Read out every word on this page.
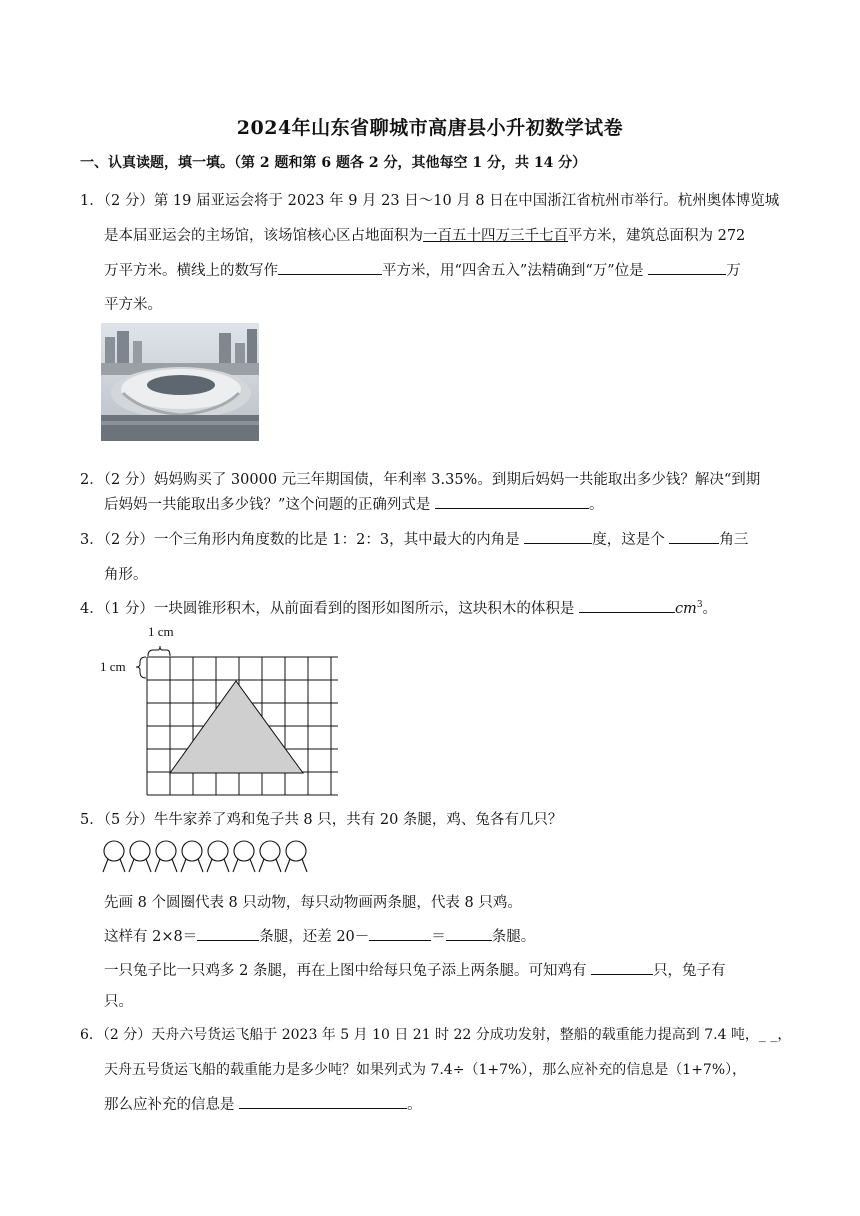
2024年山东省聊城市高唐县小升初数学试卷
一、认真读题，填一填。（第 2 题和第 6 题各 2 分，其他每空 1 分，共 14 分）
1．（2 分）第 19 届亚运会将于 2023 年 9 月 23 日～10 月 8 日在中国浙江省杭州市举行。杭州奥体博览城
是本届亚运会的主场馆，该场馆核心区占地面积为一百五十四万三千七百平方米，建筑总面积为 272
万平方米。横线上的数写作	平方米，用“四舍五入”法精确到“万”位是	万
平方米。
2．（2 分）妈妈购买了 30000 元三年期国债，年利率 3.35%。到期后妈妈一共能取出多少钱？解决“到期
后妈妈一共能取出多少钱？”这个问题的正确列式是	。
3．（2 分）一个三角形内角度数的比是 1：2：3，其中最大的内角是	度，这是个	角三
角形。
4．（1 分）一块圆锥形积木，从前面看到的图形如图所示，这块积木的体积是	$cm^3$。
1 cm
1 cm
5．（5 分）牛牛家养了鸡和兔子共 8 只，共有 20 条腿，鸡、兔各有几只？
先画 8 个圆圈代表 8 只动物，每只动物画两条腿，代表 8 只鸡。
这样有 2×8＝	条腿，还差 20－	＝	条腿。
一只兔子比一只鸡多 2 条腿，再在上图中给每只兔子添上两条腿。可知鸡有	只，兔子有
只。
6．（2 分）天舟六号货运飞船于 2023 年 5 月 10 日 21 时 22 分成功发射，整船的载重能力提高到 7.4 吨，_ _，
天舟五号货运飞船的载重能力是多少吨？如果列式为 7.4÷（1+7%），那么应补充的信息是（1+7%），
那么应补充的信息是	。
